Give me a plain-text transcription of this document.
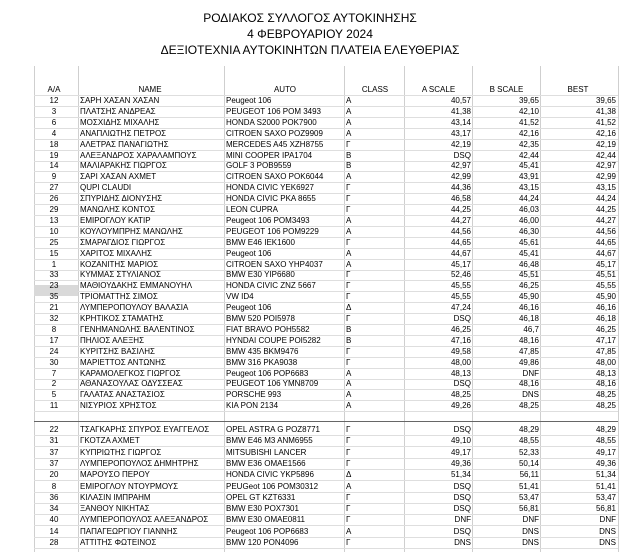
ΡΟΔΙΑΚΟΣ ΣΥΛΛΟΓΟΣ ΑΥΤΟΚΙΝΗΣΗΣ
4 ΦΕΒΡΟΥΑΡΙΟΥ 2024
ΔΕΞΙΟΤΕΧΝΙΑ ΑΥΤΟΚΙΝΗΤΩΝ ΠΛΑΤΕΙΑ ΕΛΕΥΘΕΡΙΑΣ
Α/Α	NAME	AUTO	CLASS	A SCALE	B SCALE	BEST
12	ΣΑΡΗ ΧΑΣΑΝ ΧΑΣΑΝ	Peugeot 106	Α	40,57	39,65	39,65
3	ΠΛΑΤΣΗΣ ΑΝΔΡΕΑΣ	PEUGEOT 106 POM 3493	Α	41,38	42,10	41,38
6	ΜΟΣΧΙΔΗΣ ΜΙΧΑΛΗΣ	HONDA S2000 POK7900	Α	43,14	41,52	41,52
4	ΑΝΑΠΛΙΩΤΗΣ ΠΕΤΡΟΣ	CITROEN SAXO POZ9909	Α	43,17	42,16	42,16
18	ΑΛΕΤΡΑΣ ΠΑΝΑΓΙΩΤΗΣ	MERCEDES A45 XZH8755	Γ	42,19	42,35	42,19
19	ΑΛΕΞΑΝΔΡΟΣ ΧΑΡΑΛΑΜΠΟΥΣ	MINI COOPER IPA1704	Β	DSQ	42,44	42,44
14	ΜΑΛΙΑΡΑΚΗΣ ΓΙΩΡΓΟΣ	GOLF 3 POB9559	Β	42,97	45,41	42,97
9	ΣΑΡΙ ΧΑΣΑΝ ΑΧΜΕΤ	CITROEN SAXO POK6044	Α	42,99	43,91	42,99
27	QUPI CLAUDI	HONDA CIVIC YEK6927	Γ	44,36	43,15	43,15
26	ΣΠΥΡΙΔΗΣ ΔΙΟΝΥΣΗΣ	HONDA CIVIC PKA 8655	Γ	46,58	44,24	44,24
29	ΜΑΝΩΛΗΣ ΚΟΝΤΟΣ	LEON CUPRA	Γ	44,25	46,03	44,25
13	ΕΜΙΡΟΓΛΟΥ ΚΑΤΙΡ	Peugeot 106 POM3493	Α	44,27	46,00	44,27
10	ΚΟΥΛΟΥΜΠΡΗΣ ΜΑΝΩΛΗΣ	PEUGEOT 106 POM9229	Α	44,56	46,30	44,56
25	ΣΜΑΡΑΓΔΙΟΣ ΓΙΩΡΓΟΣ	BMW E46 IEK1600	Γ	44,65	45,61	44,65
15	ΧΑΡΙΤΟΣ ΜΙΧΑΛΗΣ	Peugeot 106	Α	44,67	45,41	44,67
1	ΚΟΖΑΝΙΤΗΣ ΜΑΡΙΟΣ	CITROEN SAXO YHP4037	Α	45,17	46,48	45,17
33	ΚΥΜΜΑΣ ΣΤΥΛΙΑΝΟΣ	BMW E30 YIP6680	Γ	52,46	45,51	45,51
23	ΜΑΘΙΟΥΔΑΚΗΣ ΕΜΜΑΝΟΥΗΛ	HONDA CIVIC ZNZ 5667	Γ	45,55	46,25	45,55
35	ΤΡΙΟΜΑΤΤΗΣ ΣΙΜΟΣ	VW ID4	Γ	45,55	45,90	45,90
21	ΛΥΜΠΕΡΟΠΟΥΛΟΥ ΒΑΛΑΣΙΑ	Peugeot 106	Δ	47,24	46,16	46,16
32	ΚΡΗΤΙΚΟΣ ΣΤΑΜΑΤΗΣ	BMW 520 POI5978	Γ	DSQ	46,18	46,18
8	ΓΕΝΗΜΑΝΩΛΗΣ ΒΑΛΕΝΤΙΝΟΣ	FIAT BRAVO POH5582	Β	46,25	46,7	46,25
17	ΠΗΛΙΟΣ ΑΛΕΞΗΣ	HYNDAI COUPE POI5282	Β	47,16	48,16	47,17
24	ΚΥΡΙΤΣΗΣ ΒΑΣΙΛΗΣ	BMW 435 BKM9476	Γ	49,58	47,85	47,85
30	ΜΑΡΙΕΤΤΟΣ ΑΝΤΩΝΗΣ	BMW 316 PKA9038	Γ	48,00	49,86	48,00
7	ΚΑΡΑΜΟΛΕΓΚΟΣ ΓΙΩΡΓΟΣ	Peugeot 106 POP6683	Α	48,13	DNF	48,13
2	ΑΘΑΝΑΣΟΥΛΑΣ ΟΔΥΣΣΕΑΣ	PEUGEOT 106 YMN8709	Α	DSQ	48,16	48,16
5	ΓΑΛΑΤΑΣ ΑΝΑΣΤΑΣΙΟΣ	PORSCHE 993	Α	48,25	DNS	48,25
11	ΝΙΣΥΡΙΟΣ ΧΡΗΣΤΟΣ	KIA PON 2134	Α	49,26	48,25	48,25
22	ΤΣΑΓΚΑΡΗΣ ΣΠΥΡΟΣ ΕΥΑΓΓΕΛΟΣ	OPEL ASTRA G POZ8771	Γ	DSQ	48,29	48,29
31	ΓΚΟΤΖΑ ΑΧΜΕΤ	BMW E46 M3 ANM6955	Γ	49,10	48,55	48,55
37	ΚΥΠΡΙΩΤΗΣ ΓΙΩΡΓΟΣ	MITSUBISHI LANCER	Γ	49,17	52,33	49,17
37	ΛΥΜΠΕΡΟΠΟΥΛΟΣ ΔΗΜΗΤΡΗΣ	BMW E36 OMAE1566	Γ	49,36	50,14	49,36
20	ΜΑΡΟΥΣΟ ΠΕΡΟΥ	HONDA CIVIC YKP5896	Δ	51,34	56,11	51,34
8	ΕΜΙΡΟΓΛΟΥ ΝΤΟΥΡΜΟΥΣ	PEUGeot 106 POM30312	Α	DSQ	51,41	51,41
36	ΚΙΛΑΣΙΝ ΙΜΠΡΑΗΜ	OPEL GT KZT6331	Γ	DSQ	53,47	53,47
34	ΞΑΝΘΟΥ ΝΙΚΗΤΑΣ	BMW E30 POX7301	Γ	DSQ	56,81	56,81
40	ΛΥΜΠΕΡΟΠΟΥΛΟΣ ΑΛΕΞΑΝΔΡΟΣ	BMW E30 OMAE0811	Γ	DNF	DNF	DNF
14	ΠΑΠΑΓΕΩΡΓΙΟΥ ΓΙΑΝΝΗΣ	Peugeot 106 POP6683	Α	DSQ	DNS	DNS
28	ΑΤΤΙΤΗΣ ΦΩΤΕΙΝΟΣ	BMW 120 PON4096	Γ	DNS	DNS	DNS
